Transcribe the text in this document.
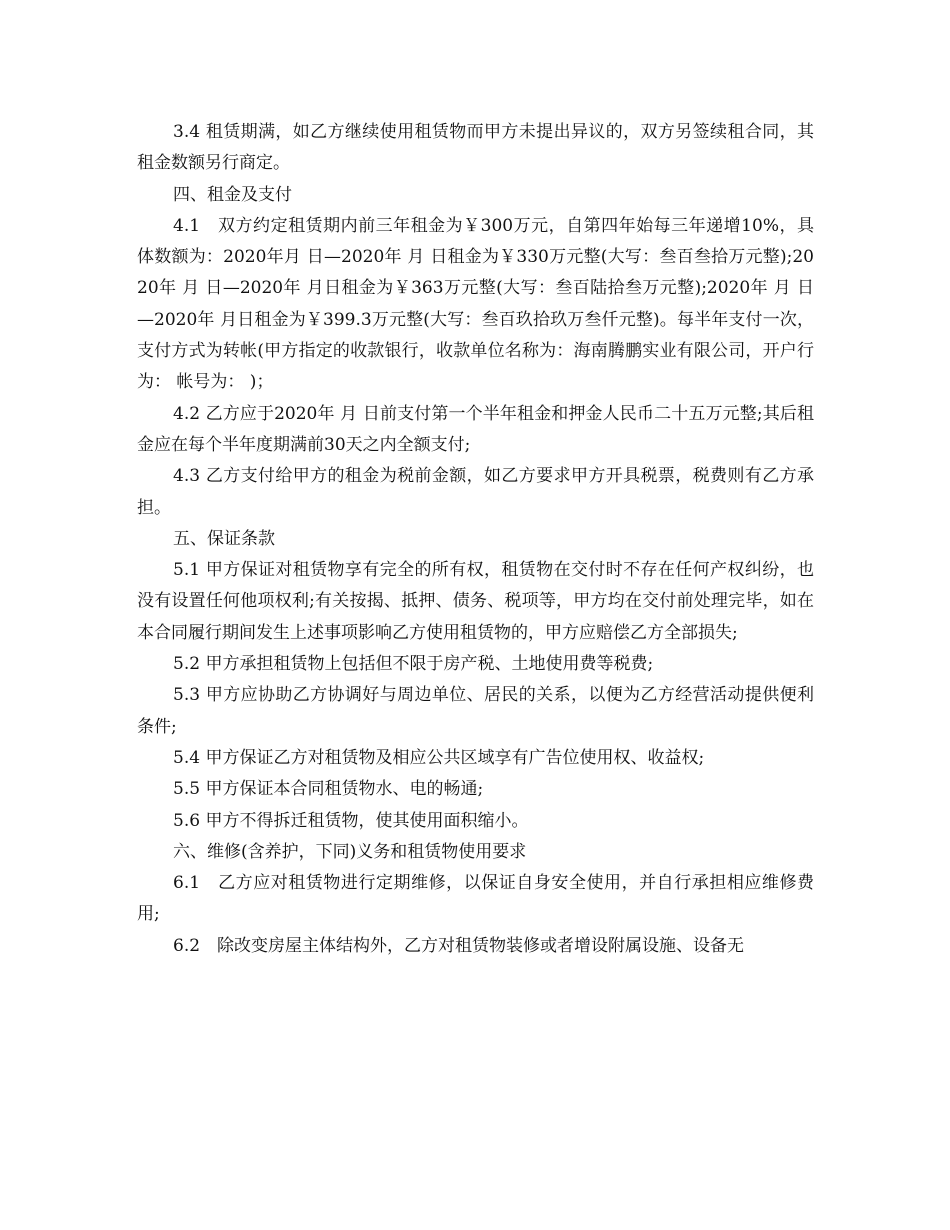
3.4 租赁期满，如乙方继续使用租赁物而甲方未提出异议的，双方另签续租合同，其租金数额另行商定。

四、租金及支付

4.1　双方约定租赁期内前三年租金为￥300万元，自第四年始每三年递增10%，具体数额为：2020年月 日—2020年 月 日租金为￥330万元整(大写：叁百叁拾万元整);2020年 月 日—2020年 月日租金为￥363万元整(大写：叁百陆拾叁万元整);2020年 月 日—2020年 月日租金为￥399.3万元整(大写：叁百玖拾玖万叁仟元整)。每半年支付一次，支付方式为转帐(甲方指定的收款银行，收款单位名称为：海南腾鹏实业有限公司，开户行为： 帐号为： )；

4.2 乙方应于2020年 月 日前支付第一个半年租金和押金人民币二十五万元整;其后租金应在每个半年度期满前30天之内全额支付;

4.3 乙方支付给甲方的租金为税前金额，如乙方要求甲方开具税票，税费则有乙方承担。

五、保证条款

5.1 甲方保证对租赁物享有完全的所有权，租赁物在交付时不存在任何产权纠纷，也没有设置任何他项权利;有关按揭、抵押、债务、税项等，甲方均在交付前处理完毕，如在本合同履行期间发生上述事项影响乙方使用租赁物的，甲方应赔偿乙方全部损失;

5.2 甲方承担租赁物上包括但不限于房产税、土地使用费等税费;

5.3 甲方应协助乙方协调好与周边单位、居民的关系，以便为乙方经营活动提供便利条件;

5.4 甲方保证乙方对租赁物及相应公共区域享有广告位使用权、收益权;

5.5 甲方保证本合同租赁物水、电的畅通;

5.6 甲方不得拆迁租赁物，使其使用面积缩小。

六、维修(含养护，下同)义务和租赁物使用要求

6.1　乙方应对租赁物进行定期维修，以保证自身安全使用，并自行承担相应维修费用;

6.2　除改变房屋主体结构外，乙方对租赁物装修或者增设附属设施、设备无
